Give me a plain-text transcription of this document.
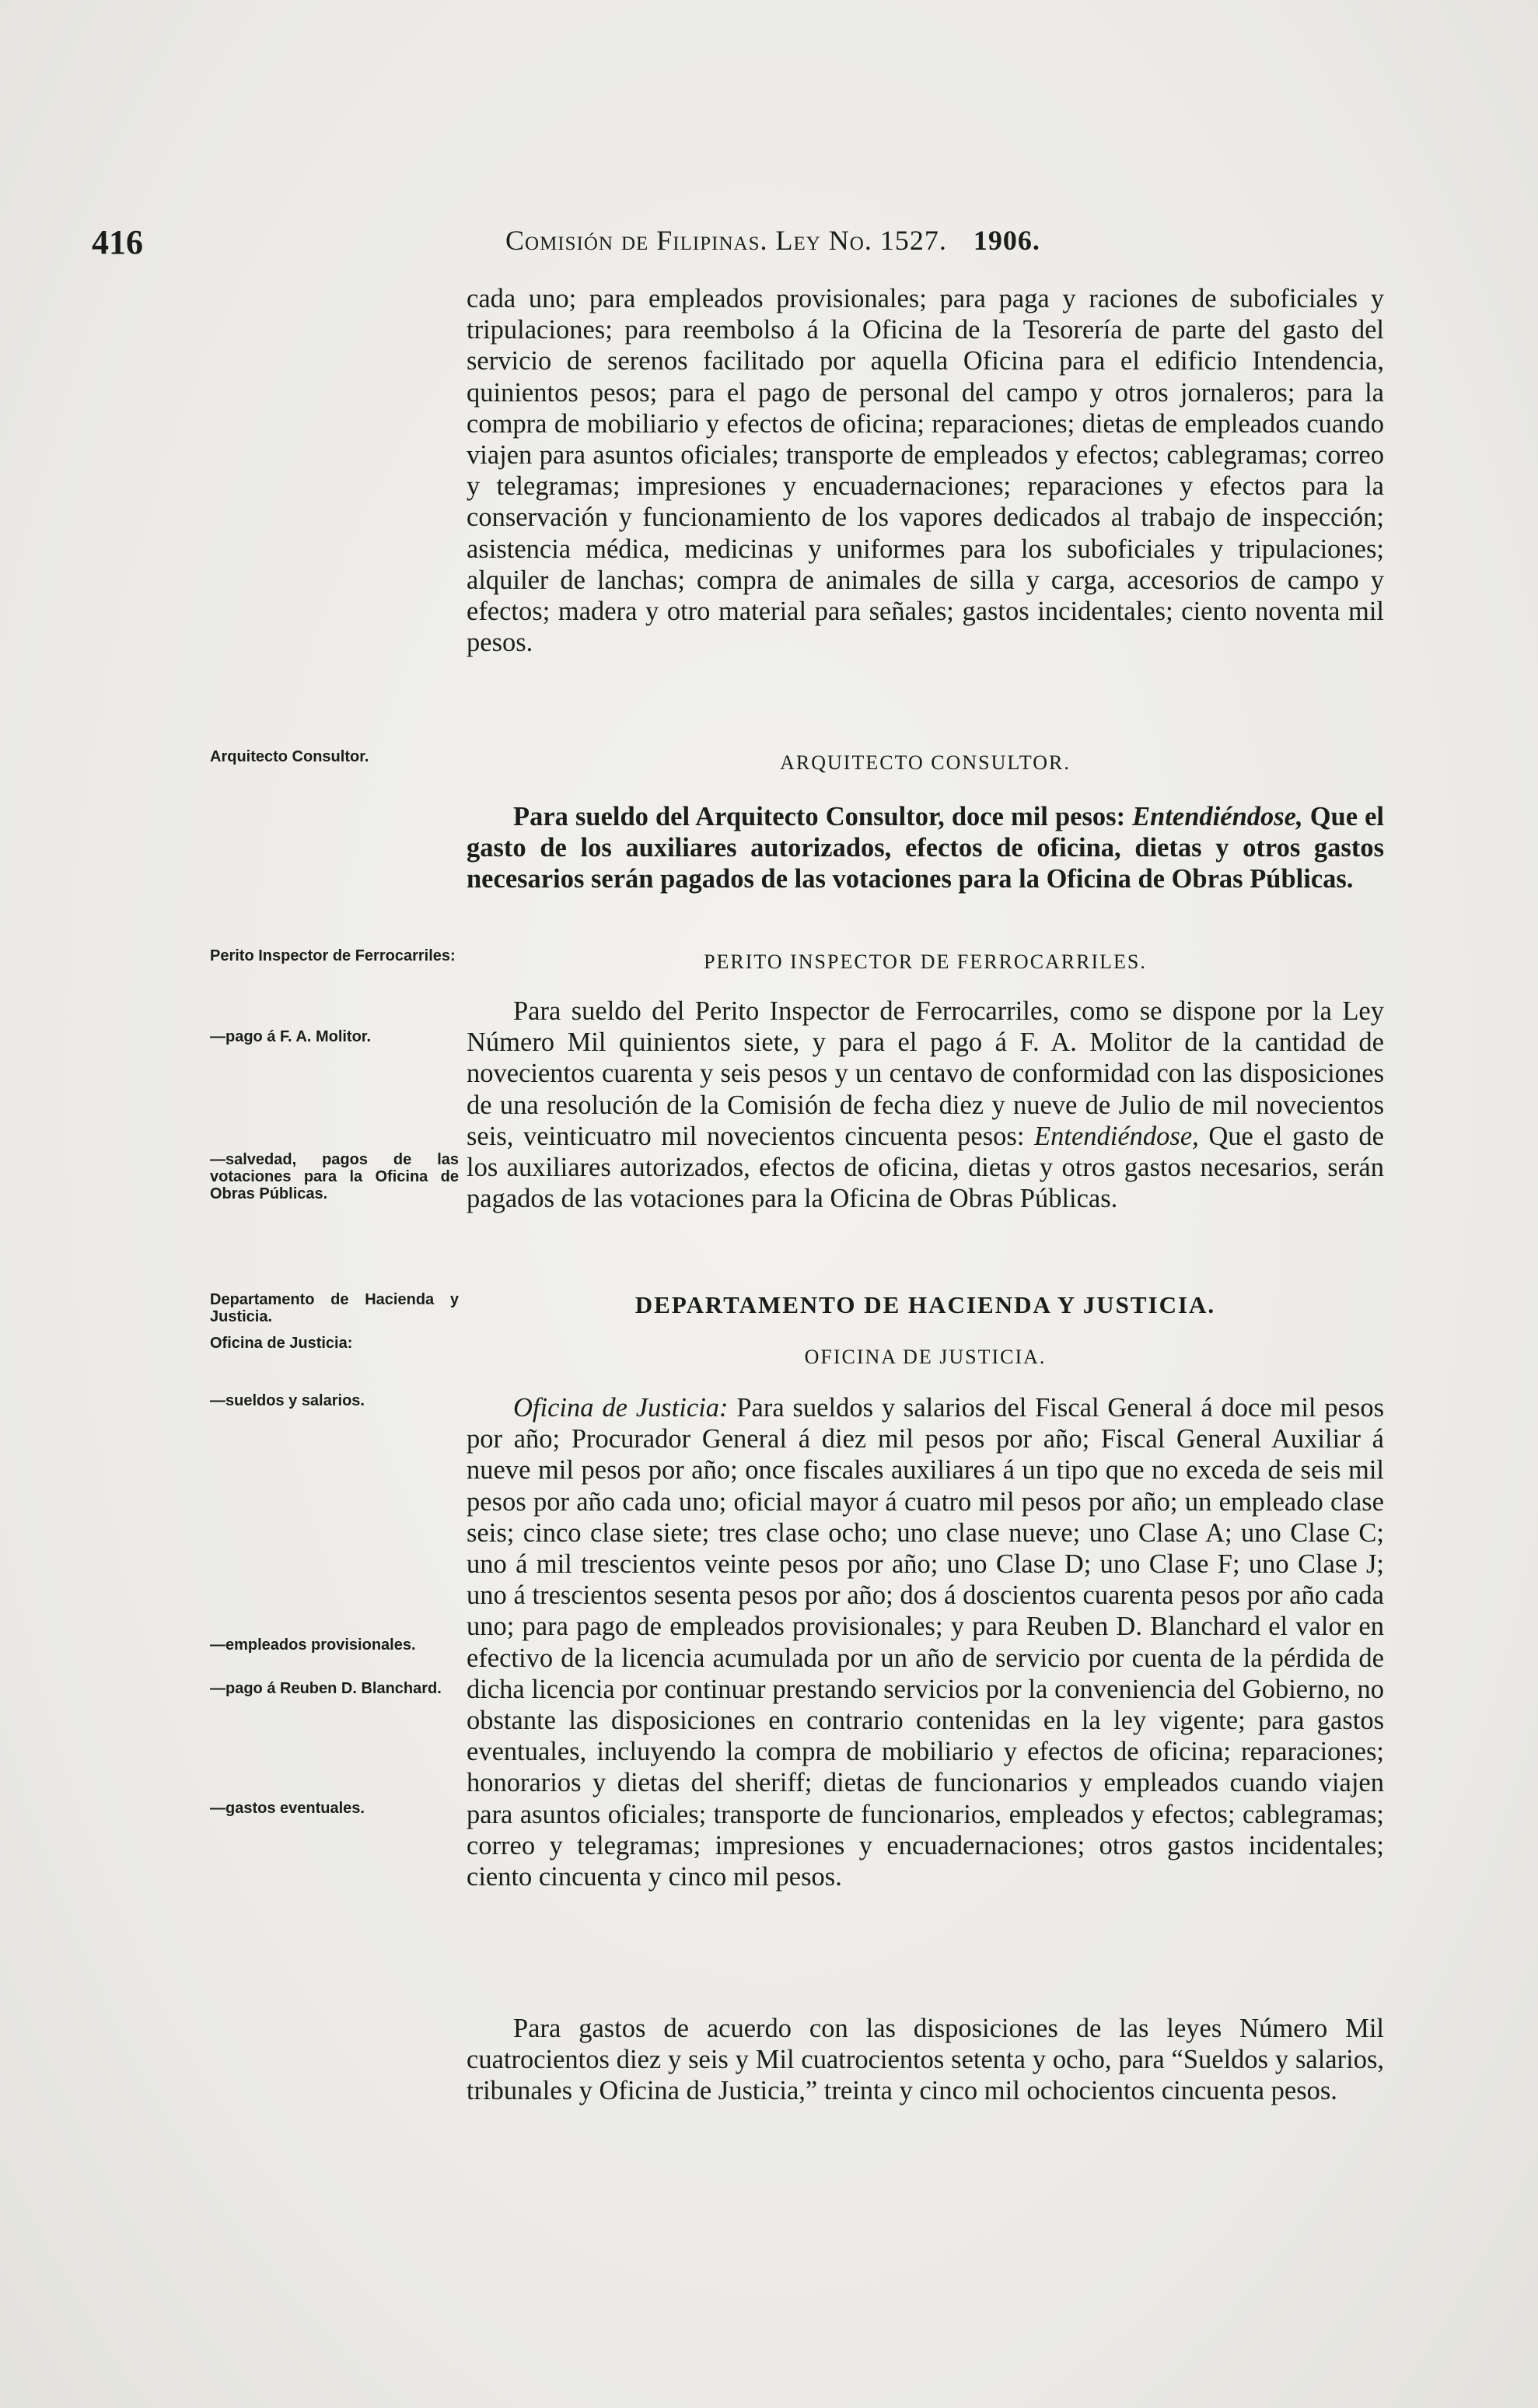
416	Comisión de Filipinas. Ley No. 1527. 1906.

cada uno; para empleados provisionales; para paga y raciones de suboficiales y tripulaciones; para reembolso á la Oficina de la Tesorería de parte del gasto del servicio de serenos facilitado por aquella Oficina para el edificio Intendencia, quinientos pesos; para el pago de personal del campo y otros jornaleros; para la compra de mobiliario y efectos de oficina; reparaciones; dietas de empleados cuando viajen para asuntos oficiales; transporte de empleados y efectos; cablegramas; correo y telegramas; impresiones y encuadernaciones; reparaciones y efectos para la conservación y funcionamiento de los vapores dedicados al trabajo de inspección; asistencia médica, medicinas y uniformes para los suboficiales y tripulaciones; alquiler de lanchas; compra de animales de silla y carga, accesorios de campo y efectos; madera y otro material para señales; gastos incidentales; ciento noventa mil pesos.

Arquitecto Consultor.	ARQUITECTO CONSULTOR.

Para sueldo del Arquitecto Consultor, doce mil pesos: Entendiéndose, Que el gasto de los auxiliares autorizados, efectos de oficina, dietas y otros gastos necesarios serán pagados de las votaciones para la Oficina de Obras Públicas.

Perito Inspector de Ferrocarriles:	PERITO INSPECTOR DE FERROCARRILES.
—pago á F. A. Molitor.
—salvedad, pagos de las votaciones para la Oficina de Obras Públicas.

Para sueldo del Perito Inspector de Ferrocarriles, como se dispone por la Ley Número Mil quinientos siete, y para el pago á F. A. Molitor de la cantidad de novecientos cuarenta y seis pesos y un centavo de conformidad con las disposiciones de una resolución de la Comisión de fecha diez y nueve de Julio de mil novecientos seis, veinticuatro mil novecientos cincuenta pesos: Entendiéndose, Que el gasto de los auxiliares autorizados, efectos de oficina, dietas y otros gastos necesarios, serán pagados de las votaciones para la Oficina de Obras Públicas.

Departamento de Hacienda y Justicia.	DEPARTAMENTO DE HACIENDA Y JUSTICIA.
Oficina de Justicia:
OFICINA DE JUSTICIA.
—sueldos y salarios.
—empleados provisionales.
—pago á Reuben D. Blanchard.
—gastos eventuales.

Oficina de Justicia: Para sueldos y salarios del Fiscal General á doce mil pesos por año; Procurador General á diez mil pesos por año; Fiscal General Auxiliar á nueve mil pesos por año; once fiscales auxiliares á un tipo que no exceda de seis mil pesos por año cada uno; oficial mayor á cuatro mil pesos por año; un empleado clase seis; cinco clase siete; tres clase ocho; uno clase nueve; uno Clase A; uno Clase C; uno á mil trescientos veinte pesos por año; uno Clase D; uno Clase F; uno Clase J; uno á trescientos sesenta pesos por año; dos á doscientos cuarenta pesos por año cada uno; para pago de empleados provisionales; y para Reuben D. Blanchard el valor en efectivo de la licencia acumulada por un año de servicio por cuenta de la pérdida de dicha licencia por continuar prestando servicios por la conveniencia del Gobierno, no obstante las disposiciones en contrario contenidas en la ley vigente; para gastos eventuales, incluyendo la compra de mobiliario y efectos de oficina; reparaciones; honorarios y dietas del sheriff; dietas de funcionarios y empleados cuando viajen para asuntos oficiales; transporte de funcionarios, empleados y efectos; cablegramas; correo y telegramas; impresiones y encuadernaciones; otros gastos incidentales; ciento cincuenta y cinco mil pesos.

Para gastos de acuerdo con las disposiciones de las leyes Número Mil cuatrocientos diez y seis y Mil cuatrocientos setenta y ocho, para “Sueldos y salarios, tribunales y Oficina de Justicia,” treinta y cinco mil ochocientos cincuenta pesos.
